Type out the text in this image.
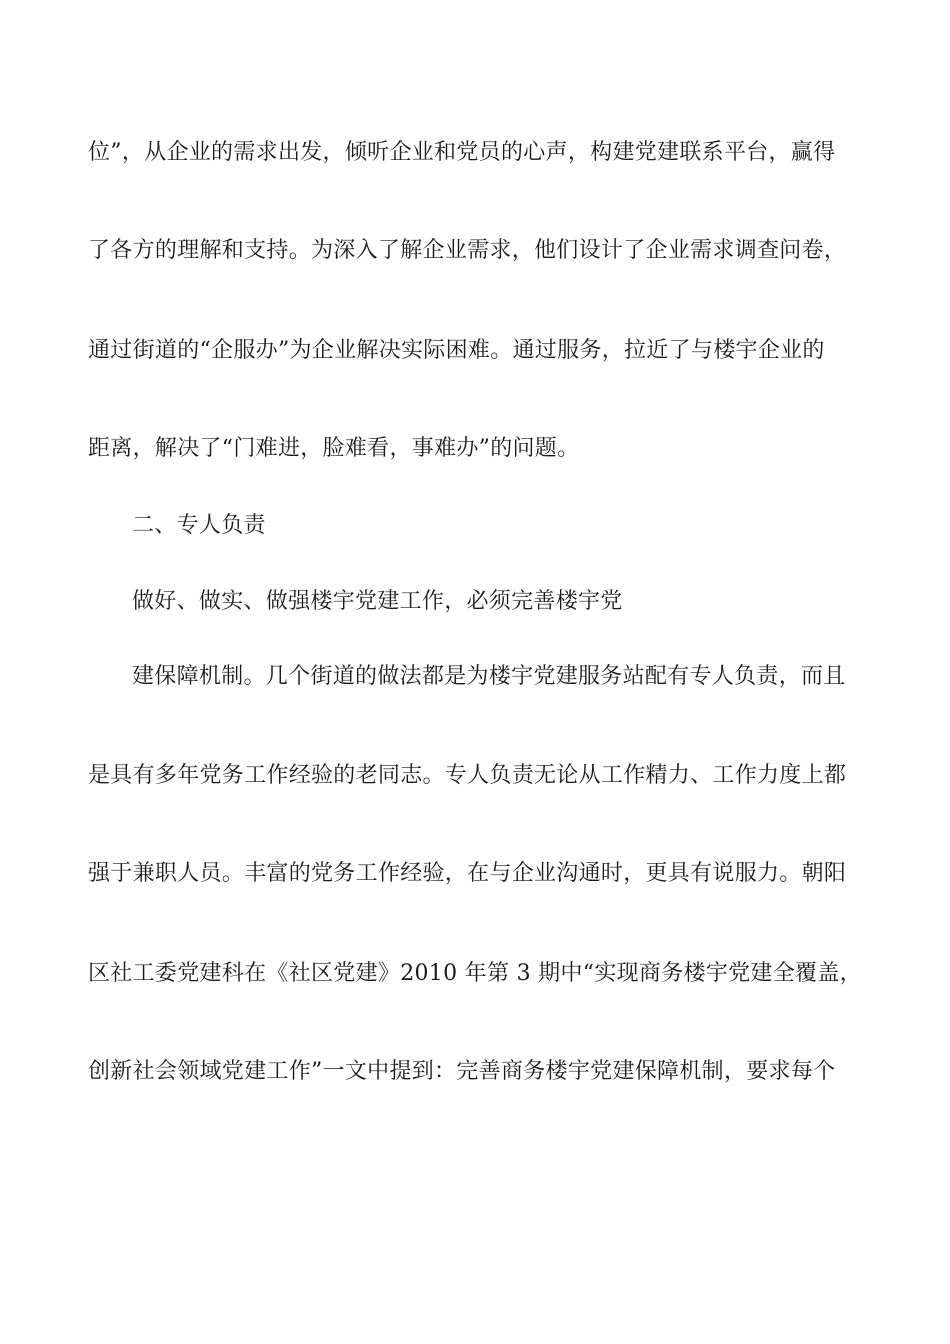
位”，从企业的需求出发，倾听企业和党员的心声，构建党建联系平台，赢得
了各方的理解和支持。为深入了解企业需求，他们设计了企业需求调查问卷，
通过街道的“企服办”为企业解决实际困难。通过服务，拉近了与楼宇企业的
距离，解决了“门难进，脸难看，事难办”的问题。
二、专人负责
做好、做实、做强楼宇党建工作，必须完善楼宇党
建保障机制。几个街道的做法都是为楼宇党建服务站配有专人负责，而且
是具有多年党务工作经验的老同志。专人负责无论从工作精力、工作力度上都
强于兼职人员。丰富的党务工作经验，在与企业沟通时，更具有说服力。朝阳
区社工委党建科在《社区党建》2010 年第 3 期中“实现商务楼宇党建全覆盖，
创新社会领域党建工作”一文中提到：完善商务楼宇党建保障机制，要求每个
